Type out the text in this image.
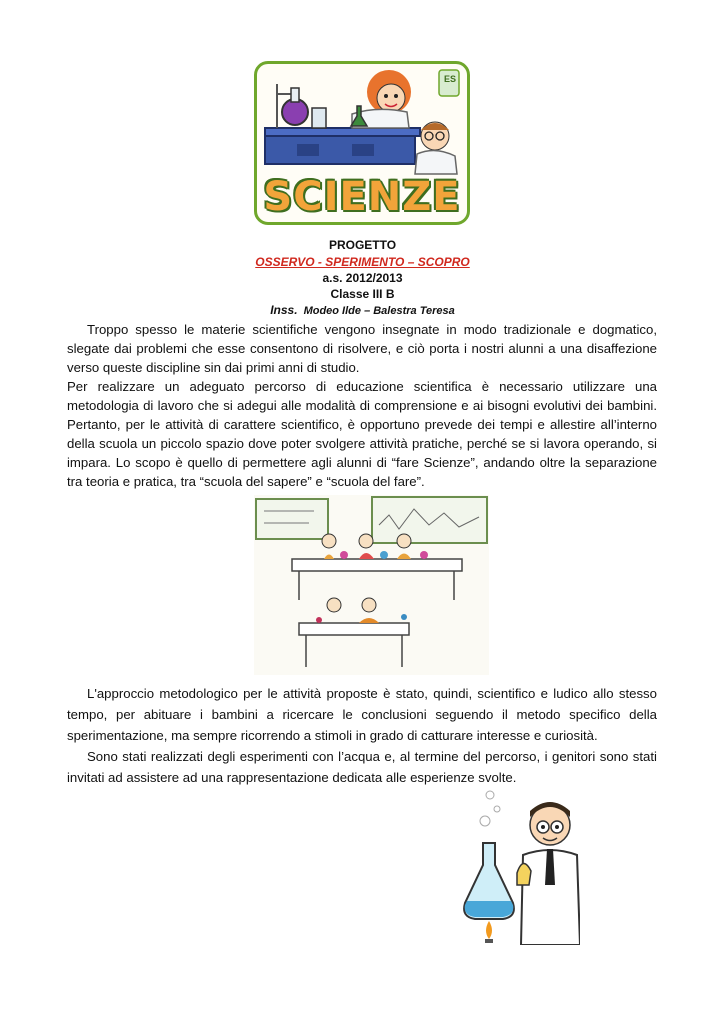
ES
SCIENZE
PROGETTO
OSSERVO - SPERIMENTO – SCOPRO
a.s. 2012/2013
Classe III B
Inss. Modeo Ilde – Balestra Teresa

Troppo spesso le materie scientifiche vengono insegnate in modo tradizionale e dogmatico, slegate dai problemi che esse consentono di risolvere, e ciò porta i nostri alunni a una disaffezione verso queste discipline sin dai primi anni di studio.

Per realizzare un adeguato percorso di educazione scientifica è necessario utilizzare una metodologia di lavoro che si adegui alle modalità di comprensione e ai bisogni evolutivi dei bambini. Pertanto, per le attività di carattere scientifico, è opportuno prevede dei tempi e allestire all’interno della scuola un piccolo spazio dove poter svolgere attività pratiche, perché se si lavora operando, si impara. Lo scopo è quello di permettere agli alunni di “fare Scienze”, andando oltre la separazione tra teoria e pratica, tra “scuola del sapere” e “scuola del fare”.

L'approccio metodologico per le attività proposte è stato, quindi, scientifico e ludico allo stesso tempo, per abituare i bambini a ricercare le conclusioni seguendo il metodo specifico della sperimentazione, ma sempre ricorrendo a stimoli in grado di catturare interesse e curiosità.

Sono stati realizzati degli esperimenti con l’acqua e, al termine del percorso, i genitori sono stati invitati ad assistere ad una rappresentazione dedicata alle esperienze svolte.
